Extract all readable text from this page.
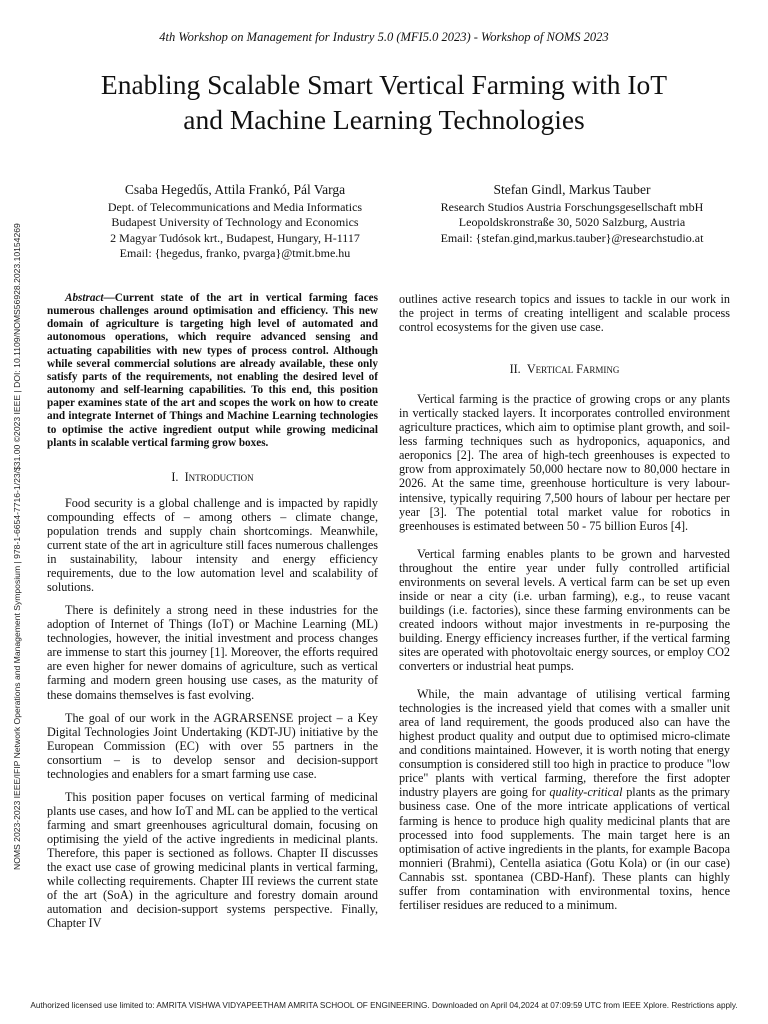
4th Workshop on Management for Industry 5.0 (MFI5.0 2023) - Workshop of NOMS 2023
Enabling Scalable Smart Vertical Farming with IoT
and Machine Learning Technologies
NOMS 2023-2023 IEEE/IFIP Network Operations and Management Symposium | 978-1-6654-7716-1/23/$31.00 ©2023 IEEE | DOI: 10.1109/NOMS56928.2023.10154269
Csaba Hegedűs, Attila Frankó, Pál Varga
Dept. of Telecommunications and Media Informatics
Budapest University of Technology and Economics
2 Magyar Tudósok krt., Budapest, Hungary, H-1117
Email: {hegedus, franko, pvarga}@tmit.bme.hu
Stefan Gindl, Markus Tauber
Research Studios Austria Forschungsgesellschaft mbH
Leopoldskronstraße 30, 5020 Salzburg, Austria
Email: {stefan.gind,markus.tauber}@researchstudio.at

Abstract—Current state of the art in vertical farming faces numerous challenges around optimisation and efficiency. This new domain of agriculture is targeting high level of automated and autonomous operations, which require advanced sensing and actuating capabilities with new types of process control. Although while several commercial solutions are already available, these only satisfy parts of the requirements, not enabling the desired level of autonomy and self-learning capabilities. To this end, this position paper examines state of the art and scopes the work on how to create and integrate Internet of Things and Machine Learning technologies to optimise the active ingredient output while growing medicinal plants in scalable vertical farming grow boxes.

I. Introduction

Food security is a global challenge and is impacted by rapidly compounding effects of – among others – climate change, population trends and supply chain shortcomings. Meanwhile, current state of the art in agriculture still faces numerous challenges in sustainability, labour intensity and energy efficiency requirements, due to the low automation level and scalability of solutions.

There is definitely a strong need in these industries for the adoption of Internet of Things (IoT) or Machine Learning (ML) technologies, however, the initial investment and process changes are immense to start this journey [1]. Moreover, the efforts required are even higher for newer domains of agriculture, such as vertical farming and modern green housing use cases, as the maturity of these domains themselves is fast evolving.

The goal of our work in the AGRARSENSE project – a Key Digital Technologies Joint Undertaking (KDT-JU) initiative by the European Commission (EC) with over 55 partners in the consortium – is to develop sensor and decision-support technologies and enablers for a smart farming use case.

This position paper focuses on vertical farming of medicinal plants use cases, and how IoT and ML can be applied to the vertical farming and smart greenhouses agricultural domain, focusing on optimising the yield of the active ingredients in medicinal plants. Therefore, this paper is sectioned as follows. Chapter II discusses the exact use case of growing medicinal plants in vertical farming, while collecting requirements. Chapter III reviews the current state of the art (SoA) in the agriculture and forestry domain around automation and decision-support systems perspective. Finally, Chapter IV

outlines active research topics and issues to tackle in our work in the project in terms of creating intelligent and scalable process control ecosystems for the given use case.

II. Vertical Farming

Vertical farming is the practice of growing crops or any plants in vertically stacked layers. It incorporates controlled environment agriculture practices, which aim to optimise plant growth, and soil-less farming techniques such as hydroponics, aquaponics, and aeroponics [2]. The area of high-tech greenhouses is expected to grow from approximately 50,000 hectare now to 80,000 hectare in 2026. At the same time, greenhouse horticulture is very labour-intensive, typically requiring 7,500 hours of labour per hectare per year [3]. The potential total market value for robotics in greenhouses is estimated between 50 - 75 billion Euros [4].

Vertical farming enables plants to be grown and harvested throughout the entire year under fully controlled artificial environments on several levels. A vertical farm can be set up even inside or near a city (i.e. urban farming), e.g., to reuse vacant buildings (i.e. factories), since these farming environments can be created indoors without major investments in re-purposing the building. Energy efficiency increases further, if the vertical farming sites are operated with photovoltaic energy sources, or employ CO2 converters or industrial heat pumps.

While, the main advantage of utilising vertical farming technologies is the increased yield that comes with a smaller unit area of land requirement, the goods produced also can have the highest product quality and output due to optimised micro-climate and conditions maintained. However, it is worth noting that energy consumption is considered still too high in practice to produce "low price" plants with vertical farming, therefore the first adopter industry players are going for quality-critical plants as the primary business case. One of the more intricate applications of vertical farming is hence to produce high quality medicinal plants that are processed into food supplements. The main target here is an optimisation of active ingredients in the plants, for example Bacopa monnieri (Brahmi), Centella asiatica (Gotu Kola) or (in our case) Cannabis sst. spontanea (CBD-Hanf). These plants can highly suffer from contamination with environmental toxins, hence fertiliser residues are reduced to a minimum.

Authorized licensed use limited to: AMRITA VISHWA VIDYAPEETHAM AMRITA SCHOOL OF ENGINEERING. Downloaded on April 04,2024 at 07:09:59 UTC from IEEE Xplore. Restrictions apply.
